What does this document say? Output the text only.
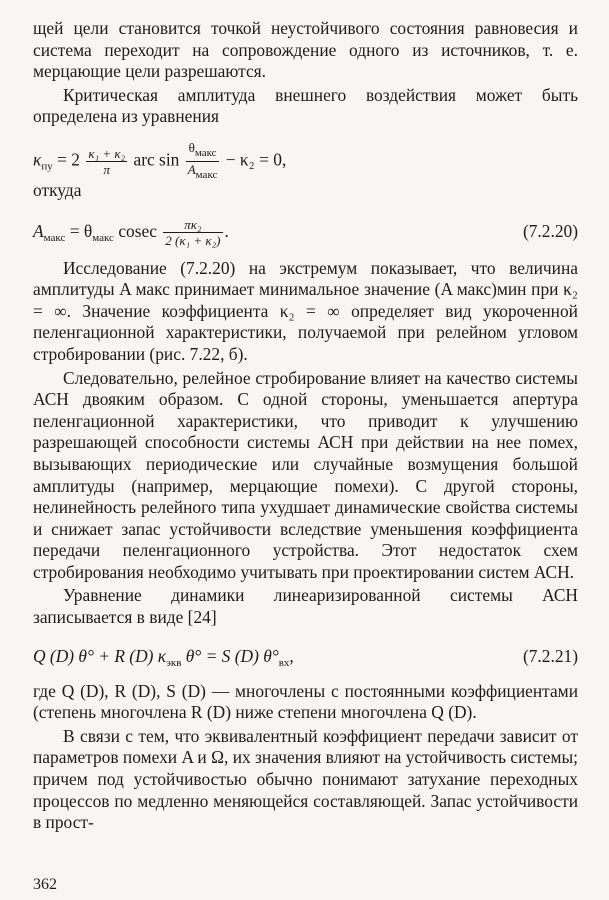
щей цели становится точкой неустойчивого состояния равновесия и система переходит на сопровождение одного из источников, т. е. мерцающие цели разрешаются.

Критическая амплитуда внешнего воздействия может быть определена из уравнения

$\kappa_{пу} = 2 \frac{\text{κ₁ + κ₂}}{\pi}$ arc $\sin \frac{\theta_{макс}}{A_{макс}} - \kappa_2 = 0$,

откуда

$A_{макс} = \theta_{макс}$ cosec $\frac{\text{πκ₂}}{\text{2 (κ₁ + κ₂)}}$ .	(7.2.20)

Исследование (7.2.20) на экстремум показывает, что величина амплитуды A макс принимает минимальное значение (A макс)мин при κ₂ = ∞. Значение коэффициента κ₂ = ∞ определяет вид укороченной пеленгационной характеристики, получаемой при релейном угловом стробировании (рис. 7.22, б).

Следовательно, релейное стробирование влияет на качество системы АСН двояким образом. С одной стороны, уменьшается апертура пеленгационной характеристики, что приводит к улучшению разрешающей способности системы АСН при действии на нее помех, вызывающих периодические или случайные возмущения большой амплитуды (например, мерцающие помехи). С другой стороны, нелинейность релейного типа ухудшает динамические свойства системы и снижает запас устойчивости вследствие уменьшения коэффициента передачи пеленгационного устройства. Этот недостаток схем стробирования необходимо учитывать при проектировании систем АСН.

Уравнение динамики линеаризированной системы АСН записывается в виде [24]

Q (D) θ° + R (D) $\kappa_{экв}$ θ° = S (D) $\theta^\circ_{вх}$,	(7.2.21)

где Q (D), R (D), S (D) — многочлены с постоянными коэффициентами (степень многочлена R (D) ниже степени многочлена Q (D).

В связи с тем, что эквивалентный коэффициент передачи зависит от параметров помехи A и Ω, их значения влияют на устойчивость системы; причем под устойчивостью обычно понимают затухание переходных процессов по медленно меняющейся составляющей. Запас устойчивости в прост-

362
